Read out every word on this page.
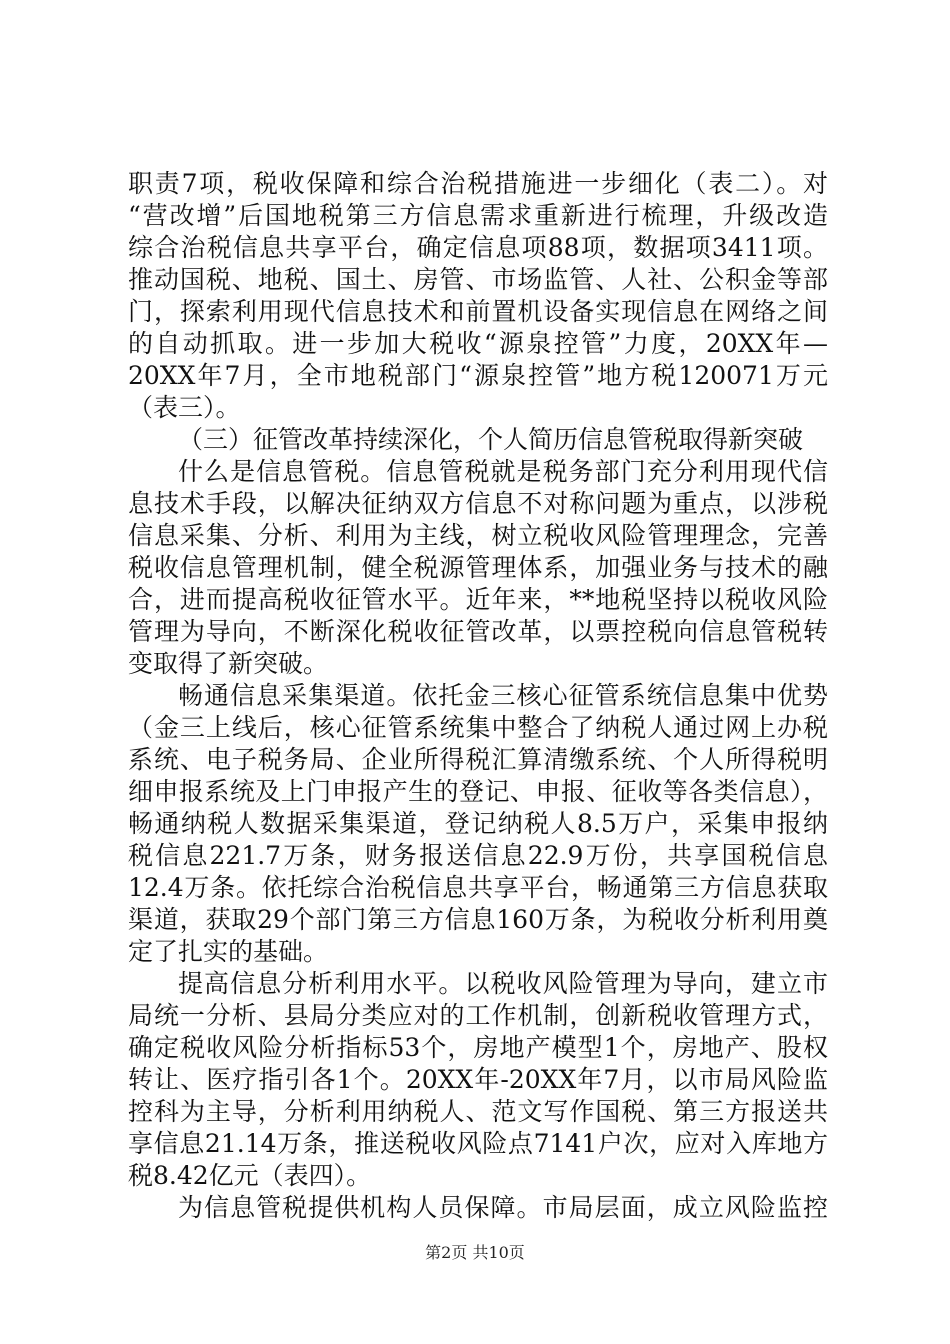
职责7项，税收保障和综合治税措施进一步细化（表二）。对
“营改增”后国地税第三方信息需求重新进行梳理，升级改造
综合治税信息共享平台，确定信息项88项，数据项3411项。
推动国税、地税、国土、房管、市场监管、人社、公积金等部
门，探索利用现代信息技术和前置机设备实现信息在网络之间
的自动抓取。进一步加大税收“源泉控管”力度，20XX年—
20XX年7月，全市地税部门“源泉控管”地方税120071万元
（表三）。
（三）征管改革持续深化，个人简历信息管税取得新突破
什么是信息管税。信息管税就是税务部门充分利用现代信
息技术手段，以解决征纳双方信息不对称问题为重点，以涉税
信息采集、分析、利用为主线，树立税收风险管理理念，完善
税收信息管理机制，健全税源管理体系，加强业务与技术的融
合，进而提高税收征管水平。近年来，**地税坚持以税收风险
管理为导向，不断深化税收征管改革，以票控税向信息管税转
变取得了新突破。
畅通信息采集渠道。依托金三核心征管系统信息集中优势
（金三上线后，核心征管系统集中整合了纳税人通过网上办税
系统、电子税务局、企业所得税汇算清缴系统、个人所得税明
细申报系统及上门申报产生的登记、申报、征收等各类信息），
畅通纳税人数据采集渠道，登记纳税人8.5万户，采集申报纳
税信息221.7万条，财务报送信息22.9万份，共享国税信息
12.4万条。依托综合治税信息共享平台，畅通第三方信息获取
渠道，获取29个部门第三方信息160万条，为税收分析利用奠
定了扎实的基础。
提高信息分析利用水平。以税收风险管理为导向，建立市
局统一分析、县局分类应对的工作机制，创新税收管理方式，
确定税收风险分析指标53个，房地产模型1个，房地产、股权
转让、医疗指引各1个。20XX年-20XX年7月，以市局风险监
控科为主导，分析利用纳税人、范文写作国税、第三方报送共
享信息21.14万条，推送税收风险点7141户次，应对入库地方
税8.42亿元（表四）。
为信息管税提供机构人员保障。市局层面，成立风险监控
第2页 共10页
